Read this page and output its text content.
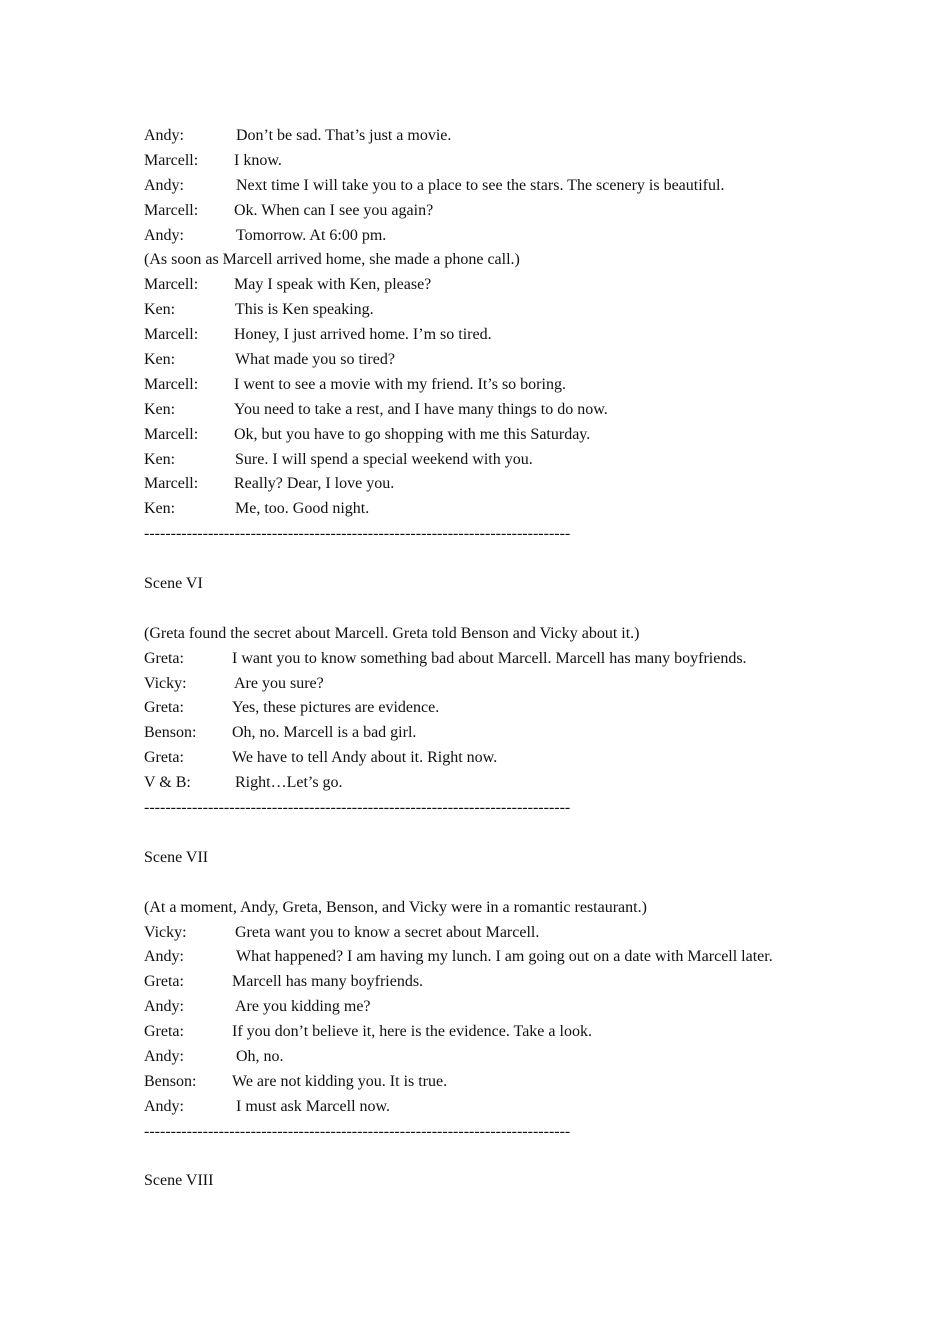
Andy:	Don’t be sad. That’s just a movie.
Marcell: I know.
Andy:	Next time I will take you to a place to see the stars. The scenery is beautiful.
Marcell: Ok. When can I see you again?
Andy:	Tomorrow. At 6:00 pm.
(As soon as Marcell arrived home, she made a phone call.)
Marcell: May I speak with Ken, please?
Ken:	This is Ken speaking.
Marcell: Honey, I just arrived home. I’m so tired.
Ken:	What made you so tired?
Marcell: I went to see a movie with my friend. It’s so boring.
Ken:	You need to take a rest, and I have many things to do now.
Marcell: Ok, but you have to go shopping with me this Saturday.
Ken:	Sure. I will spend a special weekend with you.
Marcell: Really? Dear, I love you.
Ken:	Me, too. Good night.
--------------------------------------------------------------------------------
Scene VI
(Greta found the secret about Marcell. Greta told Benson and Vicky about it.)
Greta:	I want you to know something bad about Marcell. Marcell has many boyfriends.
Vicky:	Are you sure?
Greta:	Yes, these pictures are evidence.
Benson: Oh, no. Marcell is a bad girl.
Greta:	We have to tell Andy about it. Right now.
V & B:	Right…Let’s go.
--------------------------------------------------------------------------------
Scene VII
(At a moment, Andy, Greta, Benson, and Vicky were in a romantic restaurant.)
Vicky:	Greta want you to know a secret about Marcell.
Andy:	What happened? I am having my lunch. I am going out on a date with Marcell later.
Greta:	Marcell has many boyfriends.
Andy:	Are you kidding me?
Greta:	If you don’t believe it, here is the evidence. Take a look.
Andy:	Oh, no.
Benson: We are not kidding you. It is true.
Andy:	I must ask Marcell now.
--------------------------------------------------------------------------------
Scene VIII
